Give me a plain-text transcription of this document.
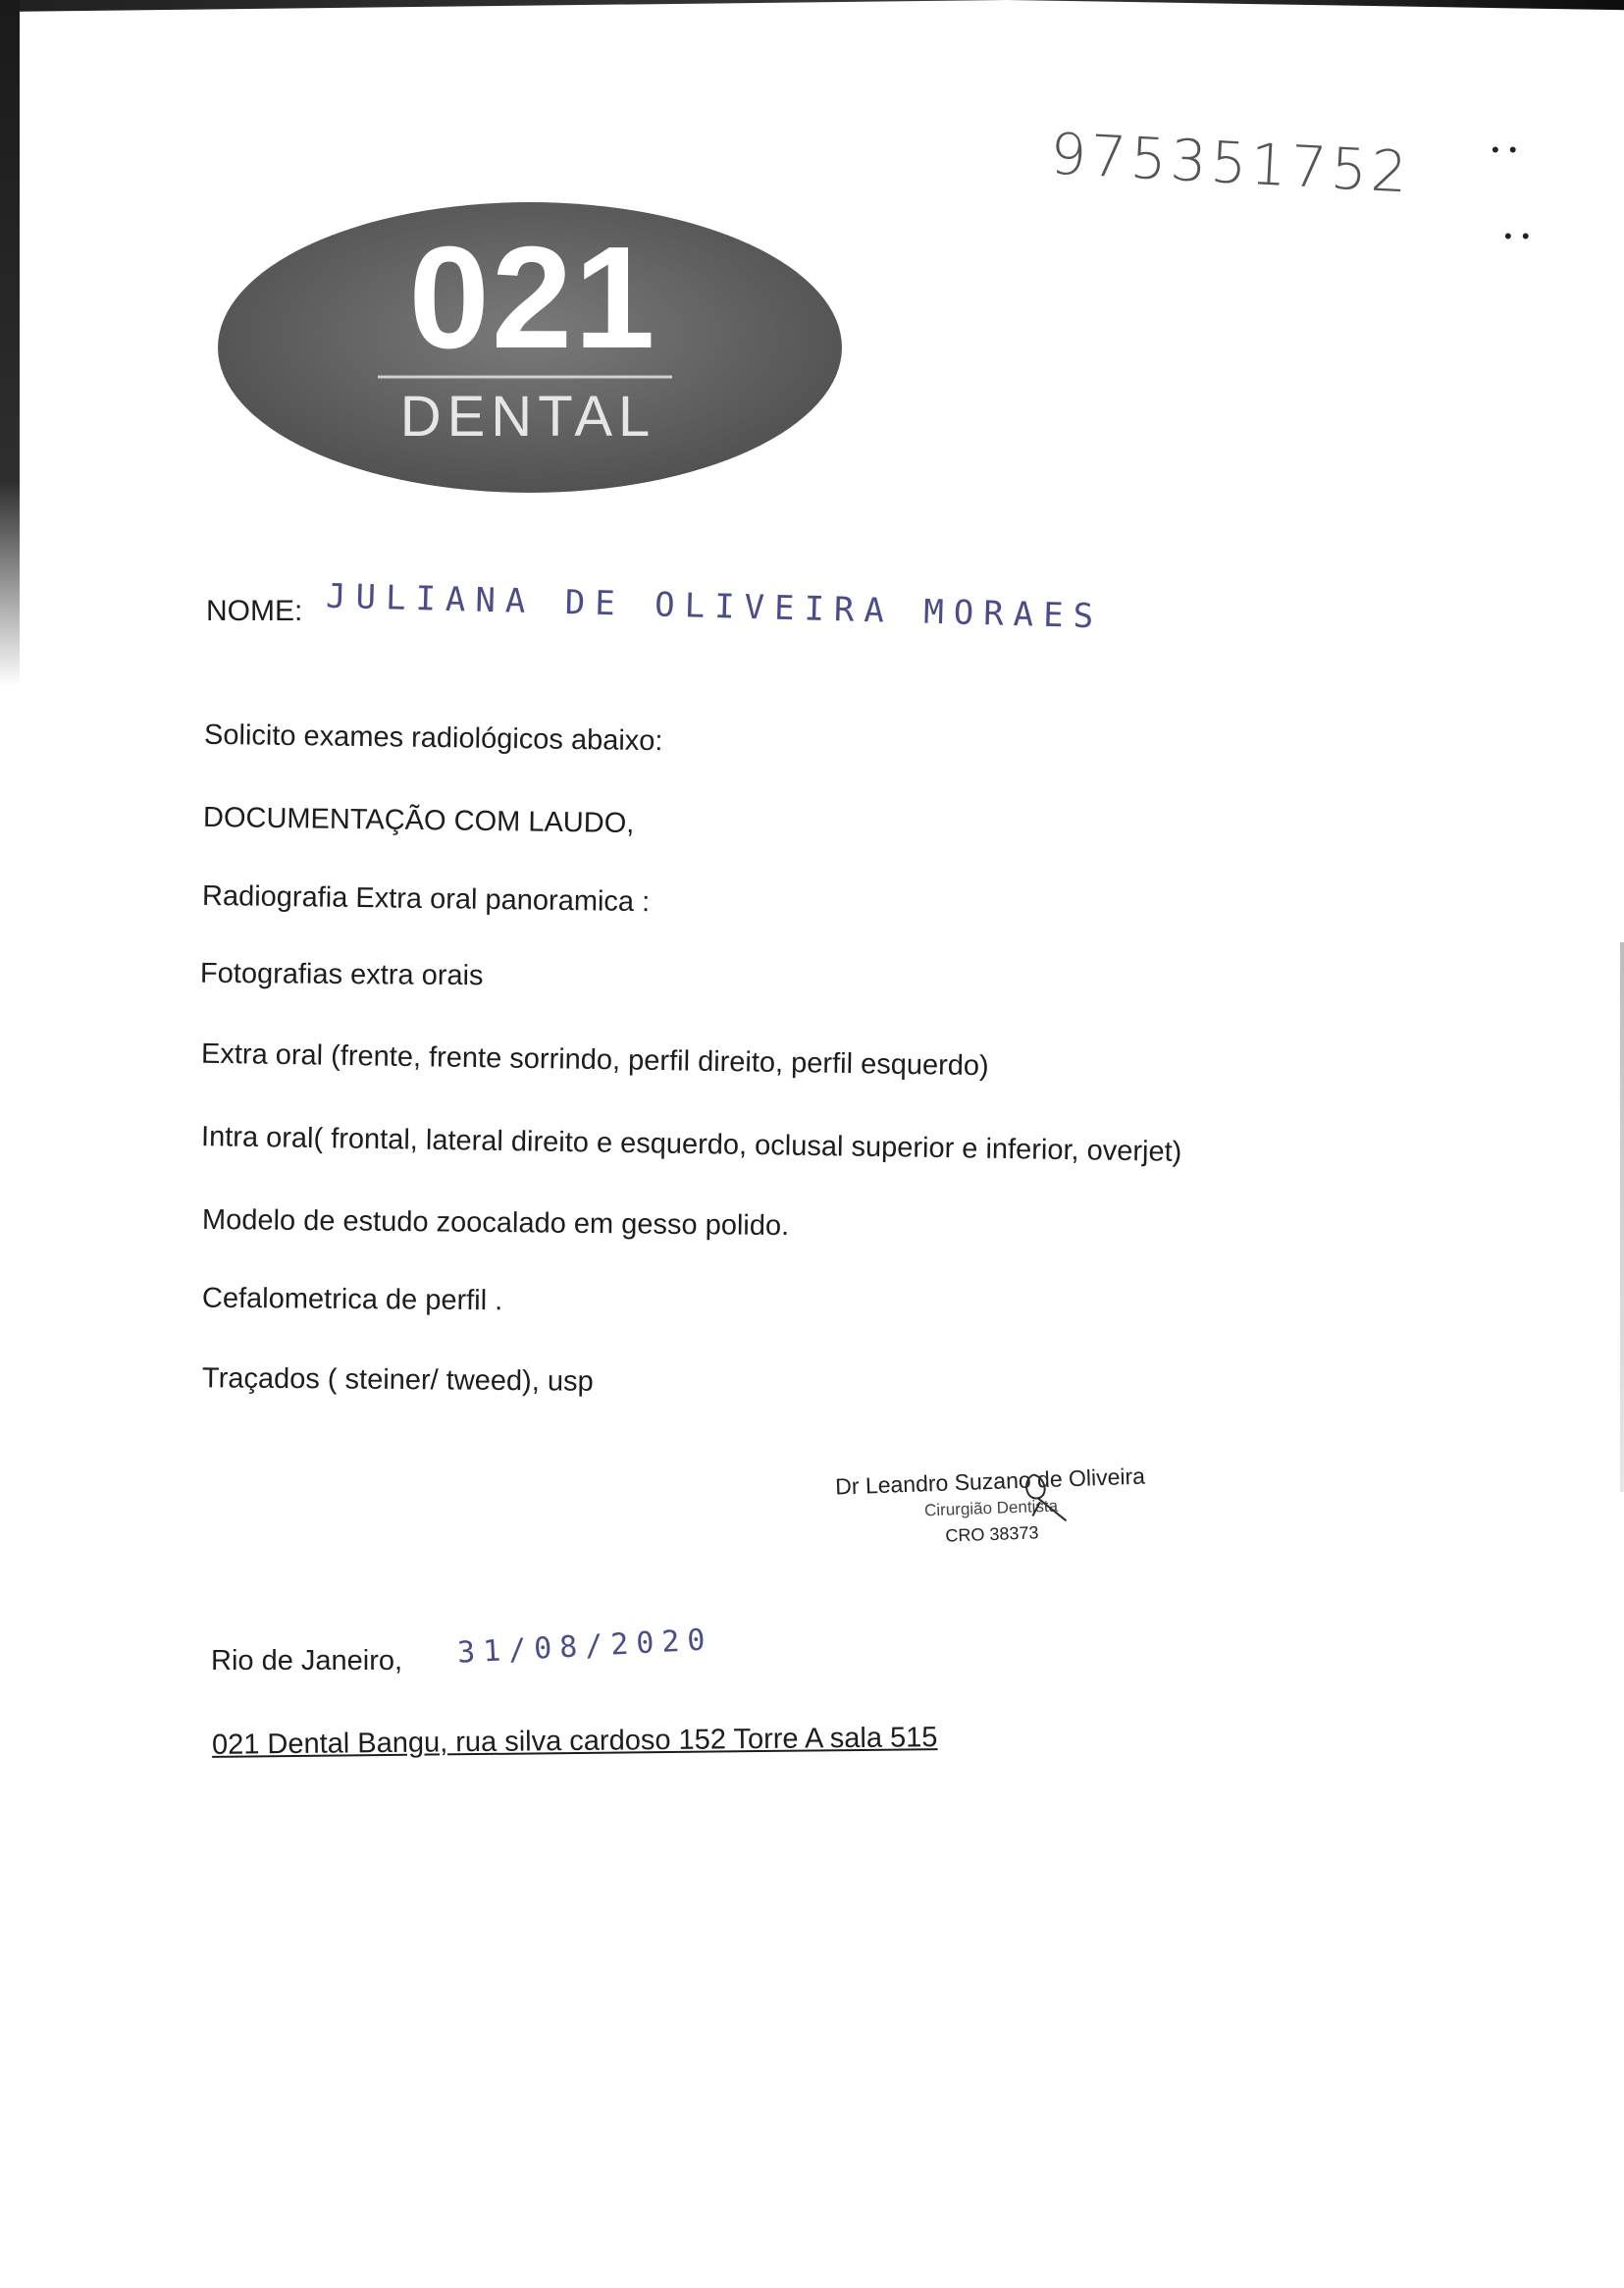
975351752	• •
• •
021
DENTAL
NOME: JULIANA DE OLIVEIRA MORAES
Solicito exames radiológicos abaixo:
DOCUMENTAÇÃO COM LAUDO,
Radiografia Extra oral panoramica :
Fotografias extra orais
Extra oral (frente, frente sorrindo, perfil direito, perfil esquerdo)
Intra oral( frontal, lateral direito e esquerdo, oclusal superior e inferior, overjet)
Modelo de estudo zoocalado em gesso polido.
Cefalometrica de perfil .
Traçados ( steiner/ tweed), usp
Dr Leandro Suzano de Oliveira
Cirurgião Dentista
CRO 38373
Rio de Janeiro, 31/08/2020
021 Dental Bangu, rua silva cardoso 152 Torre A sala 515
